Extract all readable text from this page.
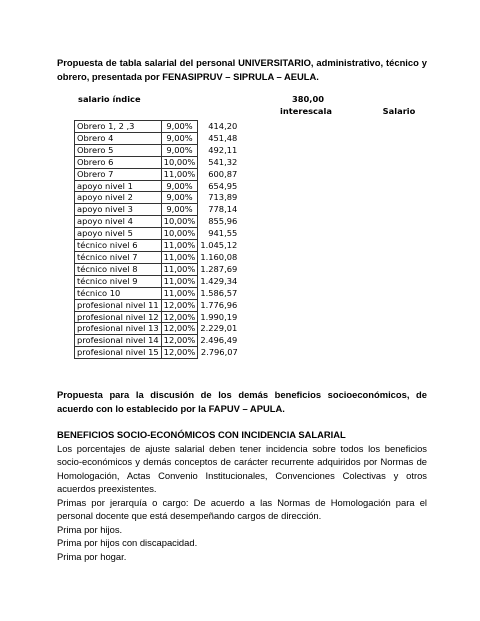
Propuesta de tabla salarial del personal UNIVERSITARIO, administrativo, técnico y obrero, presentada por FENASIPRUV – SIPRULA – AEULA.
salario índice	380,00
interescala	Salario
Obrero 1, 2 ,3	9,00%	414,20
Obrero 4	9,00%	451,48
Obrero 5	9,00%	492,11
Obrero 6	10,00%	541,32
Obrero 7	11,00%	600,87
apoyo nivel 1	9,00%	654,95
apoyo nivel 2	9,00%	713,89
apoyo nivel 3	9,00%	778,14
apoyo nivel 4	10,00%	855,96
apoyo nivel 5	10,00%	941,55
técnico nivel 6	11,00%	1.045,12
técnico nivel 7	11,00%	1.160,08
técnico nivel 8	11,00%	1.287,69
técnico nivel 9	11,00%	1.429,34
técnico 10	11,00%	1.586,57
profesional nivel 11	12,00%	1.776,96
profesional nivel 12	12,00%	1.990,19
profesional nivel 13	12,00%	2.229,01
profesional nivel 14	12,00%	2.496,49
profesional nivel 15	12,00%	2.796,07
Propuesta para la discusión de los demás beneficios socioeconómicos, de acuerdo con lo establecido por la FAPUV – APULA.
BENEFICIOS SOCIO-ECONÓMICOS CON INCIDENCIA SALARIAL

Los porcentajes de ajuste salarial deben tener incidencia sobre todos los beneficios socio-económicos y demás conceptos de carácter recurrente adquiridos por Normas de Homologación, Actas Convenio Institucionales, Convenciones Colectivas y otros acuerdos preexistentes.

Primas por jerarquía o cargo: De acuerdo a las Normas de Homologación para el personal docente que está desempeñando cargos de dirección.

Prima por hijos.

Prima por hijos con discapacidad.

Prima por hogar.
